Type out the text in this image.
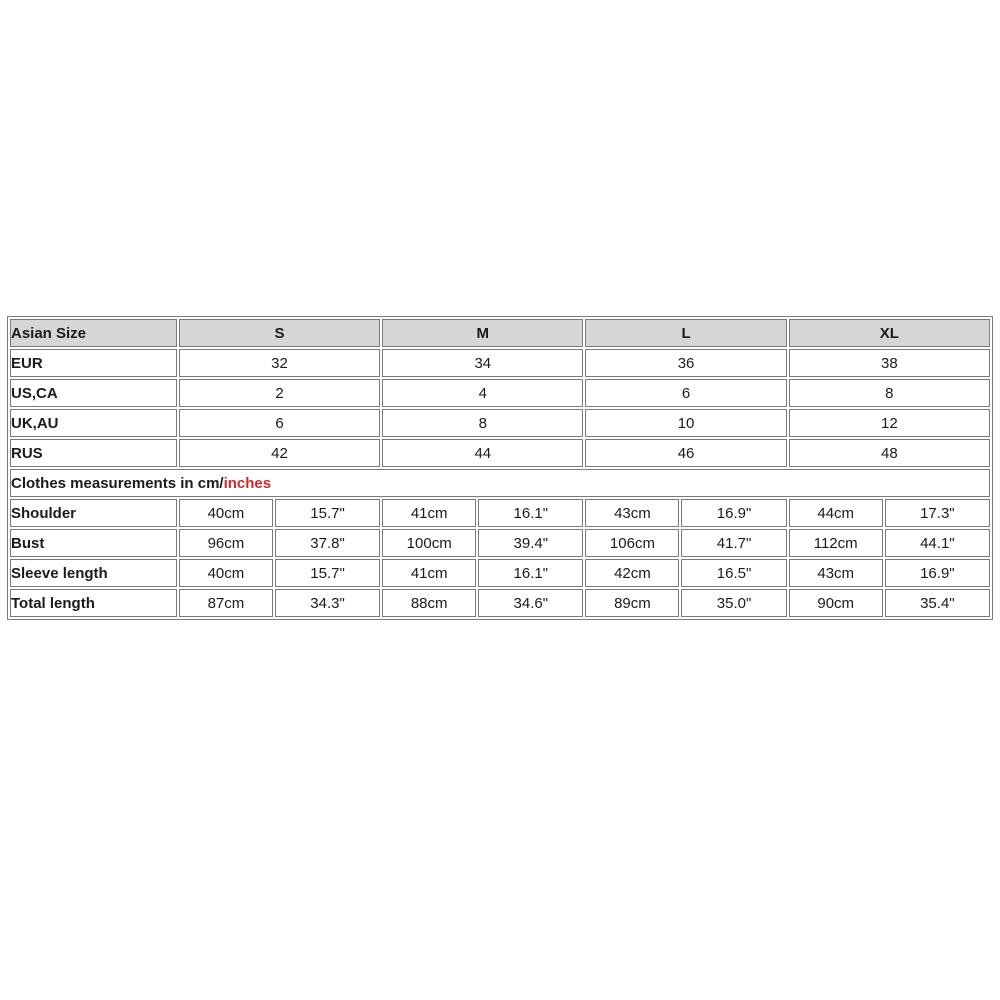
Asian Size	S		M		L		XL	
EUR	32		34		36		38	
US,CA	2		4		6		8	
UK,AU	6		8		10		12	
RUS	42		44		46		48	
Clothes measurements in cm/inches								
Shoulder	40cm	15.7"	41cm	16.1"	43cm	16.9"	44cm	17.3"
Bust	96cm	37.8"	100cm	39.4"	106cm	41.7"	112cm	44.1"
Sleeve length	40cm	15.7"	41cm	16.1"	42cm	16.5"	43cm	16.9"
Total length	87cm	34.3"	88cm	34.6"	89cm	35.0"	90cm	35.4"
